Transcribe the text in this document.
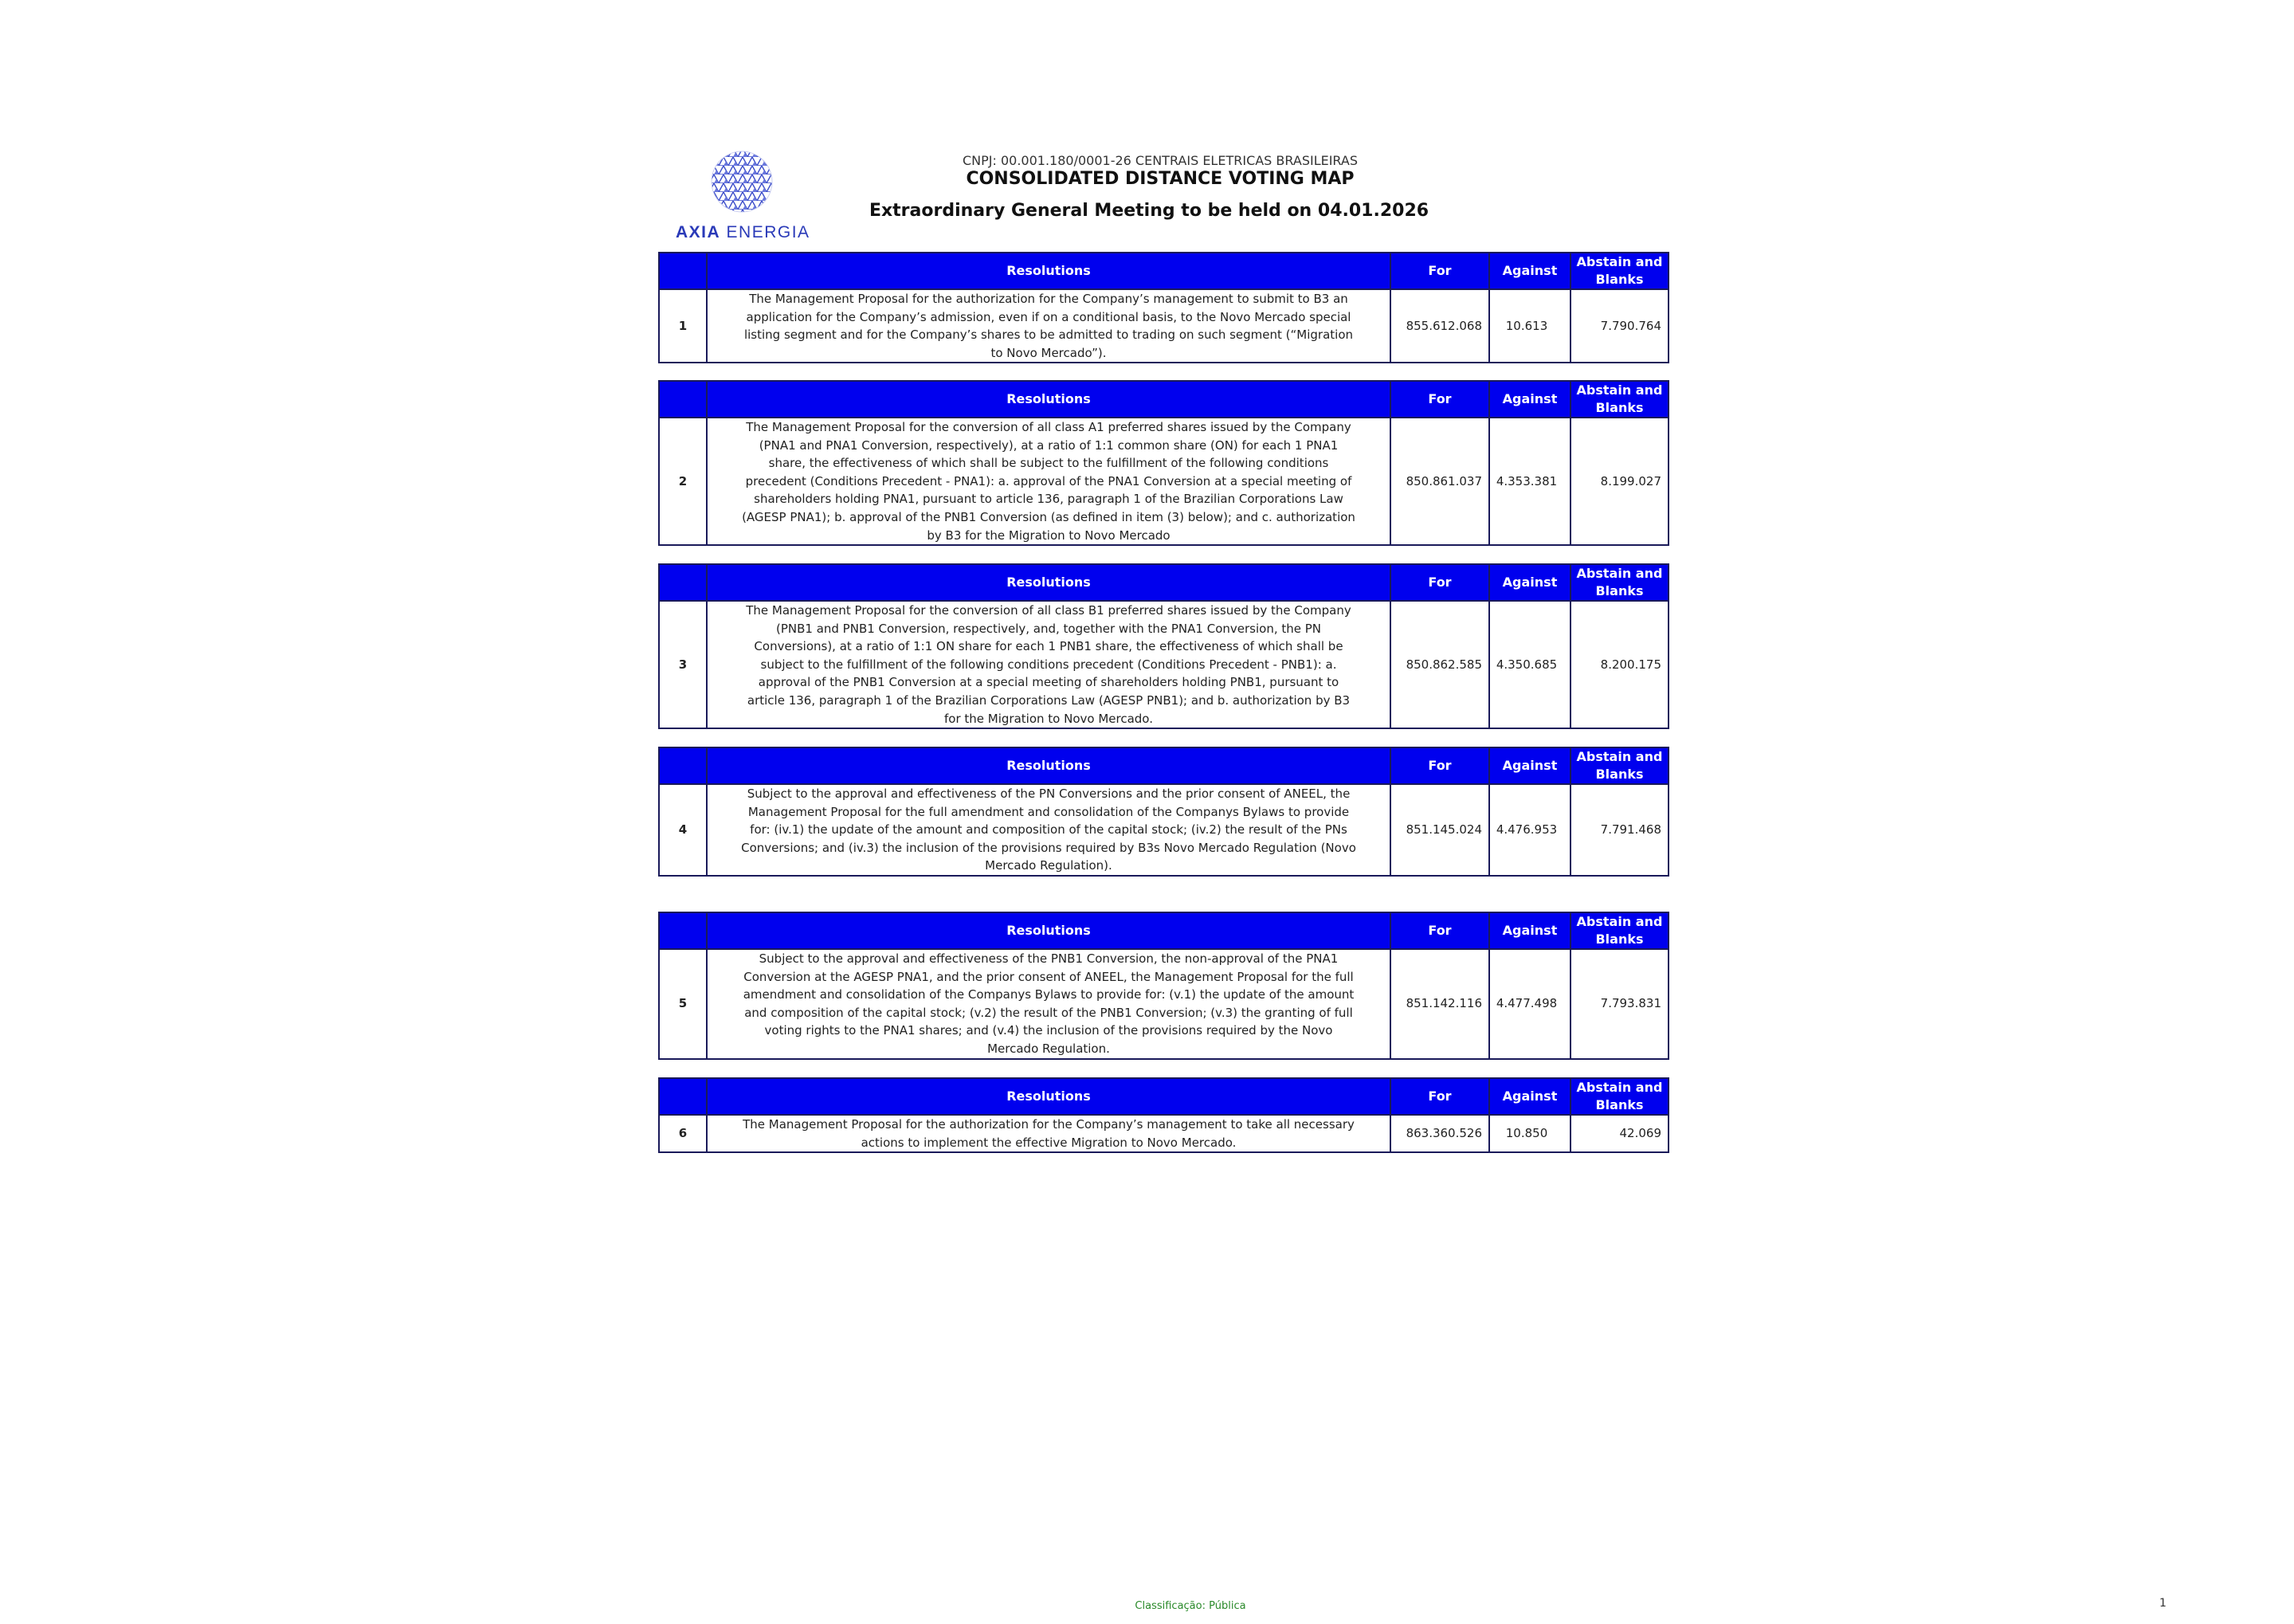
AXIA ENERGIA
CNPJ: 00.001.180/0001-26 CENTRAIS ELETRICAS BRASILEIRAS
CONSOLIDATED DISTANCE VOTING MAP
Extraordinary General Meeting to be held on 04.01.2026
	Resolutions	For	Against	Abstain and Blanks
1	The Management Proposal for the authorization for the Company’s management to submit to B3 an application for the Company’s admission, even if on a conditional basis, to the Novo Mercado special listing segment and for the Company’s shares to be admitted to trading on such segment (“Migration to Novo Mercado”).	855.612.068	10.613	7.790.764
	Resolutions	For	Against	Abstain and Blanks
2	The Management Proposal for the conversion of all class A1 preferred shares issued by the Company (PNA1 and PNA1 Conversion, respectively), at a ratio of 1:1 common share (ON) for each 1 PNA1 share, the effectiveness of which shall be subject to the fulfillment of the following conditions precedent (Conditions Precedent - PNA1): a. approval of the PNA1 Conversion at a special meeting of shareholders holding PNA1, pursuant to article 136, paragraph 1 of the Brazilian Corporations Law (AGESP PNA1); b. approval of the PNB1 Conversion (as defined in item (3) below); and c. authorization by B3 for the Migration to Novo Mercado	850.861.037	4.353.381	8.199.027
	Resolutions	For	Against	Abstain and Blanks
3	The Management Proposal for the conversion of all class B1 preferred shares issued by the Company (PNB1 and PNB1 Conversion, respectively, and, together with the PNA1 Conversion, the PN Conversions), at a ratio of 1:1 ON share for each 1 PNB1 share, the effectiveness of which shall be subject to the fulfillment of the following conditions precedent (Conditions Precedent - PNB1): a. approval of the PNB1 Conversion at a special meeting of shareholders holding PNB1, pursuant to article 136, paragraph 1 of the Brazilian Corporations Law (AGESP PNB1); and b. authorization by B3 for the Migration to Novo Mercado.	850.862.585	4.350.685	8.200.175
	Resolutions	For	Against	Abstain and Blanks
4	Subject to the approval and effectiveness of the PN Conversions and the prior consent of ANEEL, the Management Proposal for the full amendment and consolidation of the Companys Bylaws to provide for: (iv.1) the update of the amount and composition of the capital stock; (iv.2) the result of the PNs Conversions; and (iv.3) the inclusion of the provisions required by B3s Novo Mercado Regulation (Novo Mercado Regulation).	851.145.024	4.476.953	7.791.468
	Resolutions	For	Against	Abstain and Blanks
5	Subject to the approval and effectiveness of the PNB1 Conversion, the non-approval of the PNA1 Conversion at the AGESP PNA1, and the prior consent of ANEEL, the Management Proposal for the full amendment and consolidation of the Companys Bylaws to provide for: (v.1) the update of the amount and composition of the capital stock; (v.2) the result of the PNB1 Conversion; (v.3) the granting of full voting rights to the PNA1 shares; and (v.4) the inclusion of the provisions required by the Novo Mercado Regulation.	851.142.116	4.477.498	7.793.831
	Resolutions	For	Against	Abstain and Blanks
6	The Management Proposal for the authorization for the Company’s management to take all necessary actions to implement the effective Migration to Novo Mercado.	863.360.526	10.850	42.069
Classificação: Pública	1
